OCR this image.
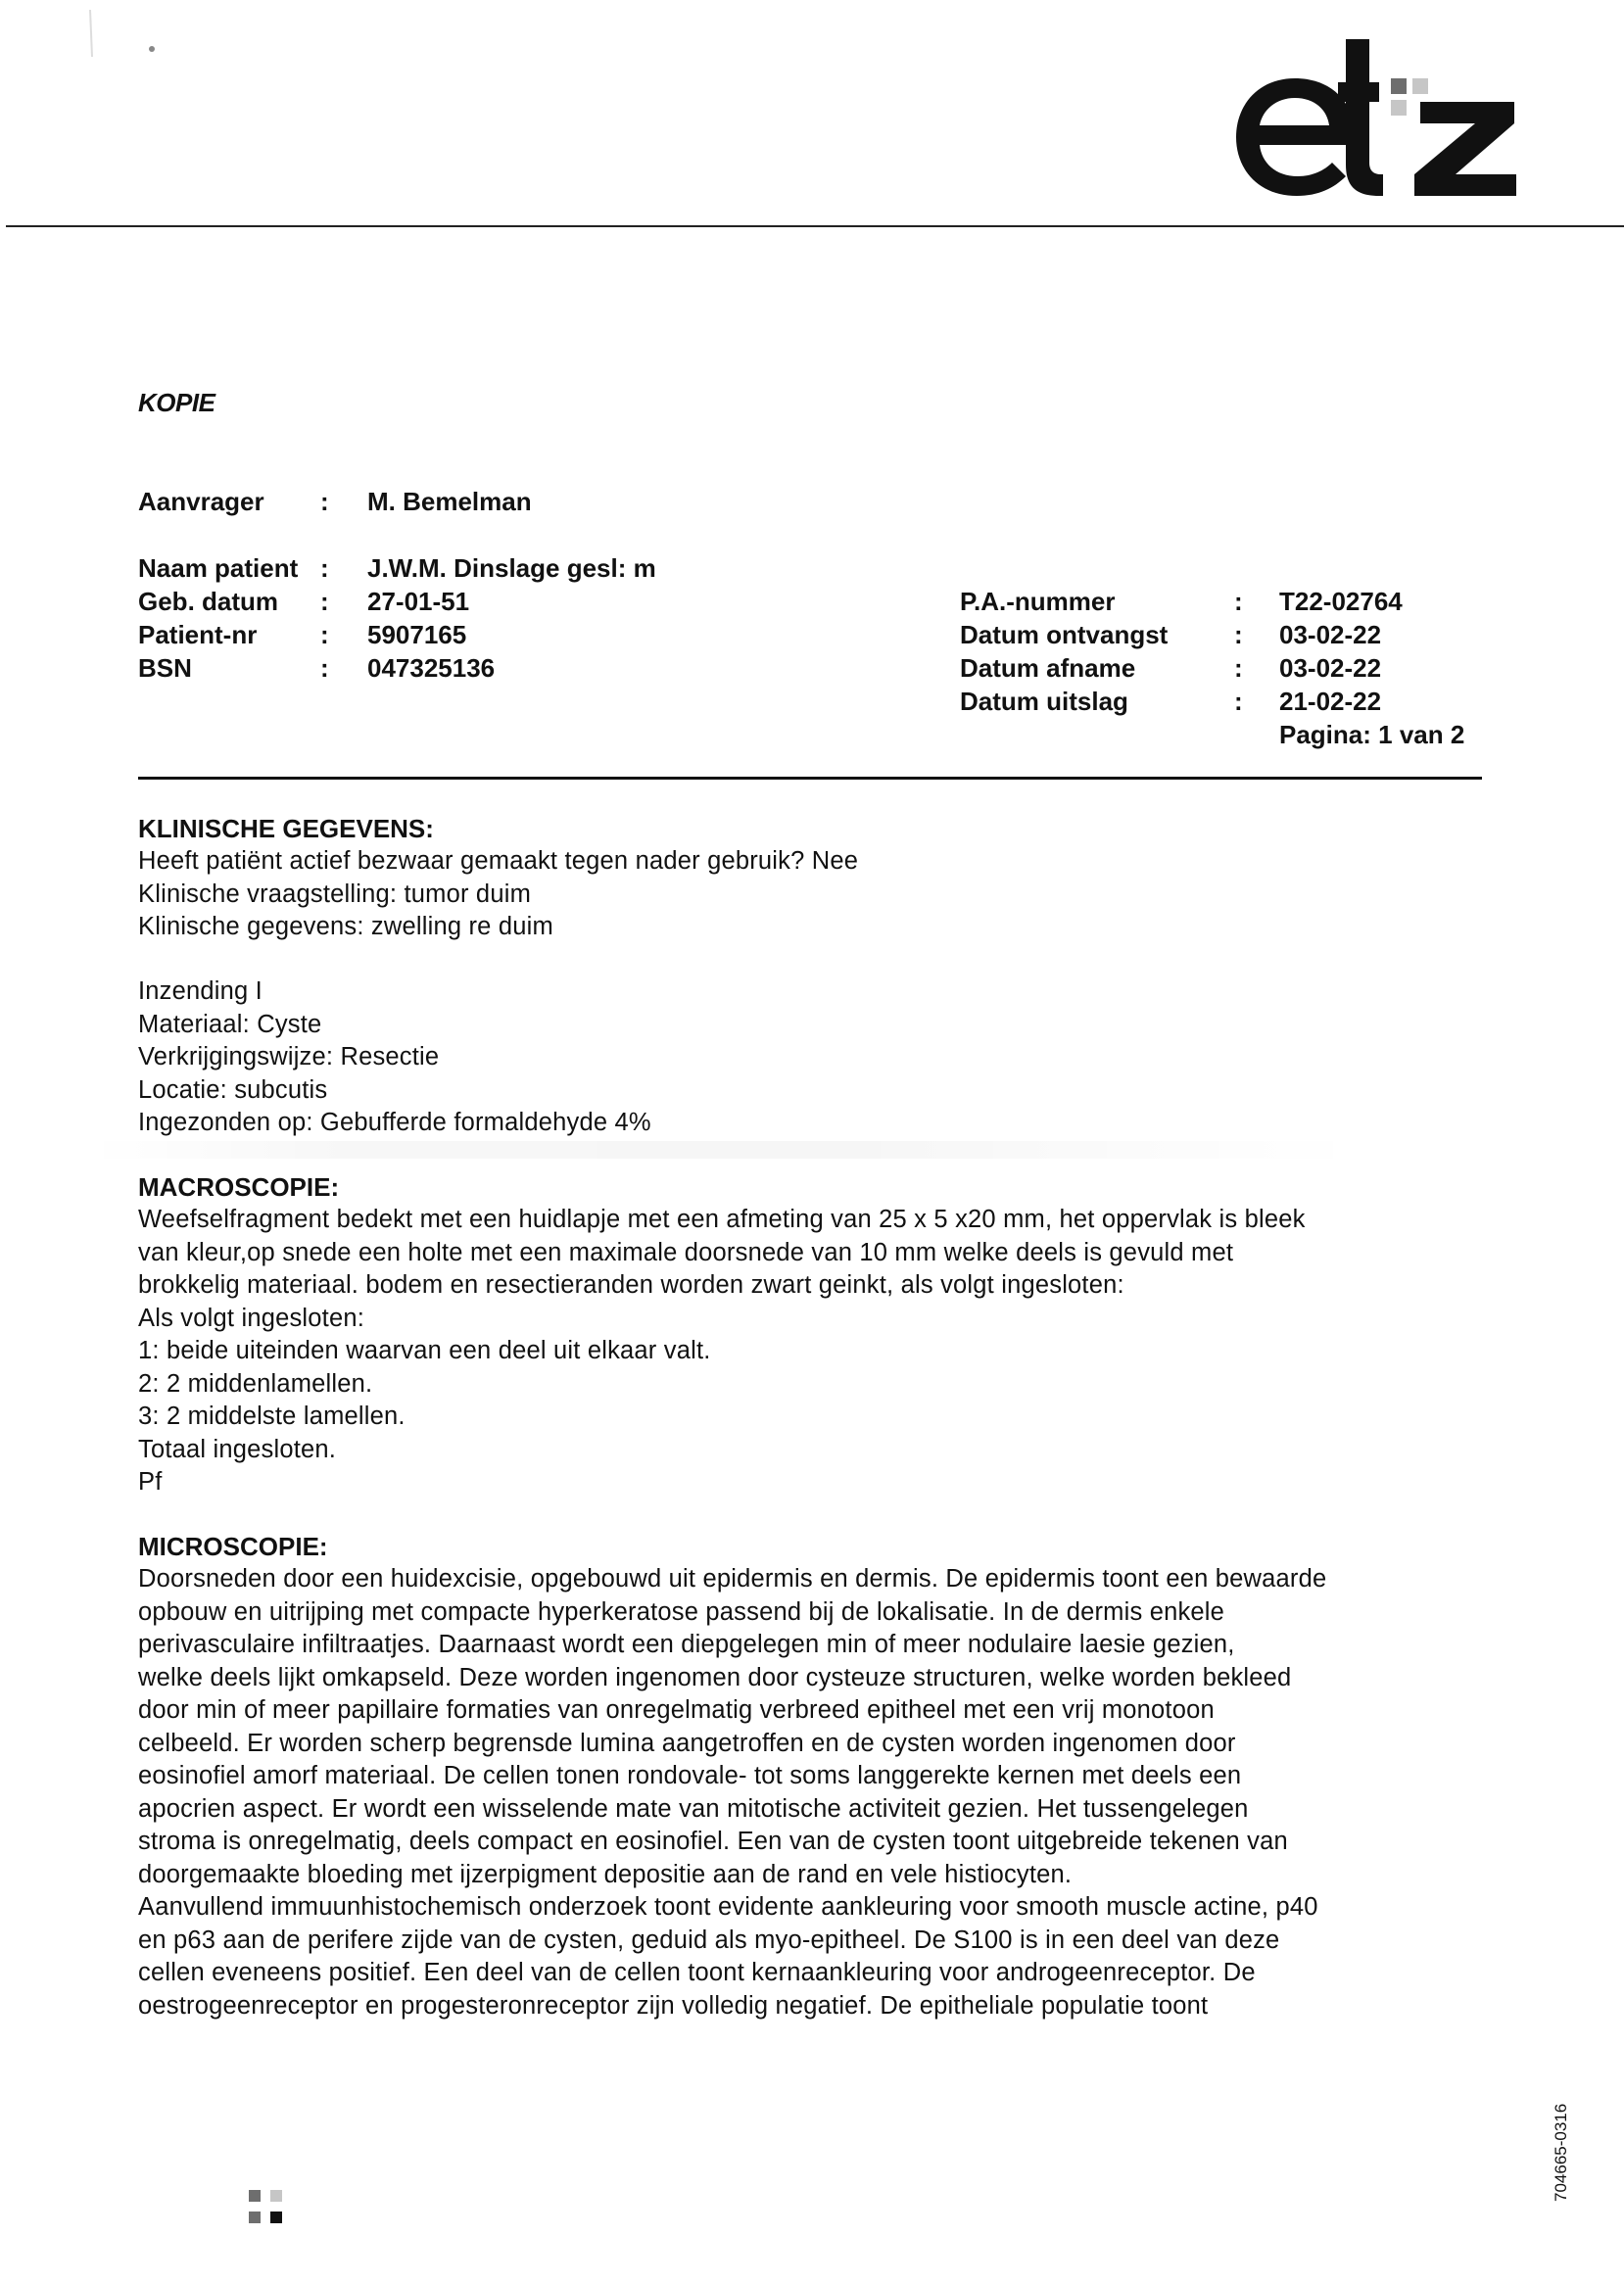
KOPIE
Aanvrager : M. Bemelman
Naam patient : J.W.M. Dinslage gesl: m
Geb. datum : 27-01-51	P.A.-nummer	: T22-02764
Patient-nr : 5907165	Datum ontvangst	: 03-02-22
BSN	: 047325136	Datum afname	: 03-02-22
Datum uitslag	: 21-02-22
Pagina: 1 van 2
KLINISCHE GEGEVENS:
Heeft patiënt actief bezwaar gemaakt tegen nader gebruik? Nee
Klinische vraagstelling: tumor duim
Klinische gegevens: zwelling re duim
Inzending I
Materiaal: Cyste
Verkrijgingswijze: Resectie
Locatie: subcutis
Ingezonden op: Gebufferde formaldehyde 4%
MACROSCOPIE:
Weefselfragment bedekt met een huidlapje met een afmeting van 25 x 5 x20 mm, het oppervlak is bleek
van kleur,op snede een holte met een maximale doorsnede van 10 mm welke deels is gevuld met
brokkelig materiaal. bodem en resectieranden worden zwart geinkt, als volgt ingesloten:
Als volgt ingesloten:
1: beide uiteinden waarvan een deel uit elkaar valt.
2: 2 middenlamellen.
3: 2 middelste lamellen.
Totaal ingesloten.
Pf
MICROSCOPIE:
Doorsneden door een huidexcisie, opgebouwd uit epidermis en dermis. De epidermis toont een bewaarde
opbouw en uitrijping met compacte hyperkeratose passend bij de lokalisatie. In de dermis enkele
perivasculaire infiltraatjes. Daarnaast wordt een diepgelegen min of meer nodulaire laesie gezien,
welke deels lijkt omkapseld. Deze worden ingenomen door cysteuze structuren, welke worden bekleed
door min of meer papillaire formaties van onregelmatig verbreed epitheel met een vrij monotoon
celbeeld. Er worden scherp begrensde lumina aangetroffen en de cysten worden ingenomen door
eosinofiel amorf materiaal. De cellen tonen rondovale- tot soms langgerekte kernen met deels een
apocrien aspect. Er wordt een wisselende mate van mitotische activiteit gezien. Het tussengelegen
stroma is onregelmatig, deels compact en eosinofiel. Een van de cysten toont uitgebreide tekenen van
doorgemaakte bloeding met ijzerpigment depositie aan de rand en vele histiocyten.
Aanvullend immuunhistochemisch onderzoek toont evidente aankleuring voor smooth muscle actine, p40
en p63 aan de perifere zijde van de cysten, geduid als myo-epitheel. De S100 is in een deel van deze
cellen eveneens positief. Een deel van de cellen toont kernaankleuring voor androgeenreceptor. De
oestrogeenreceptor en progesteronreceptor zijn volledig negatief. De epitheliale populatie toont
704665-0316
